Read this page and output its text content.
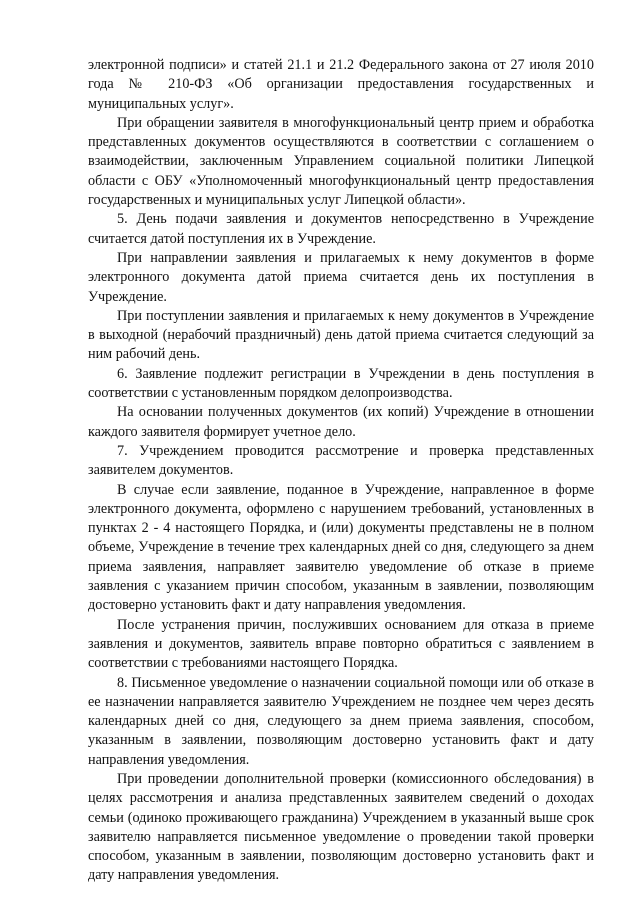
электронной подписи» и статей 21.1 и 21.2 Федерального закона от 27 июля 2010 года № 210-ФЗ «Об организации предоставления государственных и муниципальных услуг».

При обращении заявителя в многофункциональный центр прием и обработка представленных документов осуществляются в соответствии с соглашением о взаимодействии, заключенным Управлением социальной политики Липецкой области с ОБУ «Уполномоченный многофункциональный центр предоставления государственных и муниципальных услуг Липецкой области».

5. День подачи заявления и документов непосредственно в Учреждение считается датой поступления их в Учреждение.

При направлении заявления и прилагаемых к нему документов в форме электронного документа датой приема считается день их поступления в Учреждение.

При поступлении заявления и прилагаемых к нему документов в Учреждение в выходной (нерабочий праздничный) день датой приема считается следующий за ним рабочий день.

6. Заявление подлежит регистрации в Учреждении в день поступления в соответствии с установленным порядком делопроизводства.

На основании полученных документов (их копий) Учреждение в отношении каждого заявителя формирует учетное дело.

7. Учреждением проводится рассмотрение и проверка представленных заявителем документов.

В случае если заявление, поданное в Учреждение, направленное в форме электронного документа, оформлено с нарушением требований, установленных в пунктах 2 - 4 настоящего Порядка, и (или) документы представлены не в полном объеме, Учреждение в течение трех календарных дней со дня, следующего за днем приема заявления, направляет заявителю уведомление об отказе в приеме заявления с указанием причин способом, указанным в заявлении, позволяющим достоверно установить факт и дату направления уведомления.

После устранения причин, послуживших основанием для отказа в приеме заявления и документов, заявитель вправе повторно обратиться с заявлением в соответствии с требованиями настоящего Порядка.

8. Письменное уведомление о назначении социальной помощи или об отказе в ее назначении направляется заявителю Учреждением не позднее чем через десять календарных дней со дня, следующего за днем приема заявления, способом, указанным в заявлении, позволяющим достоверно установить факт и дату направления уведомления.

При проведении дополнительной проверки (комиссионного обследования) в целях рассмотрения и анализа представленных заявителем сведений о доходах семьи (одиноко проживающего гражданина) Учреждением в указанный выше срок заявителю направляется письменное уведомление о проведении такой проверки способом, указанным в заявлении, позволяющим достоверно установить факт и дату направления уведомления.
